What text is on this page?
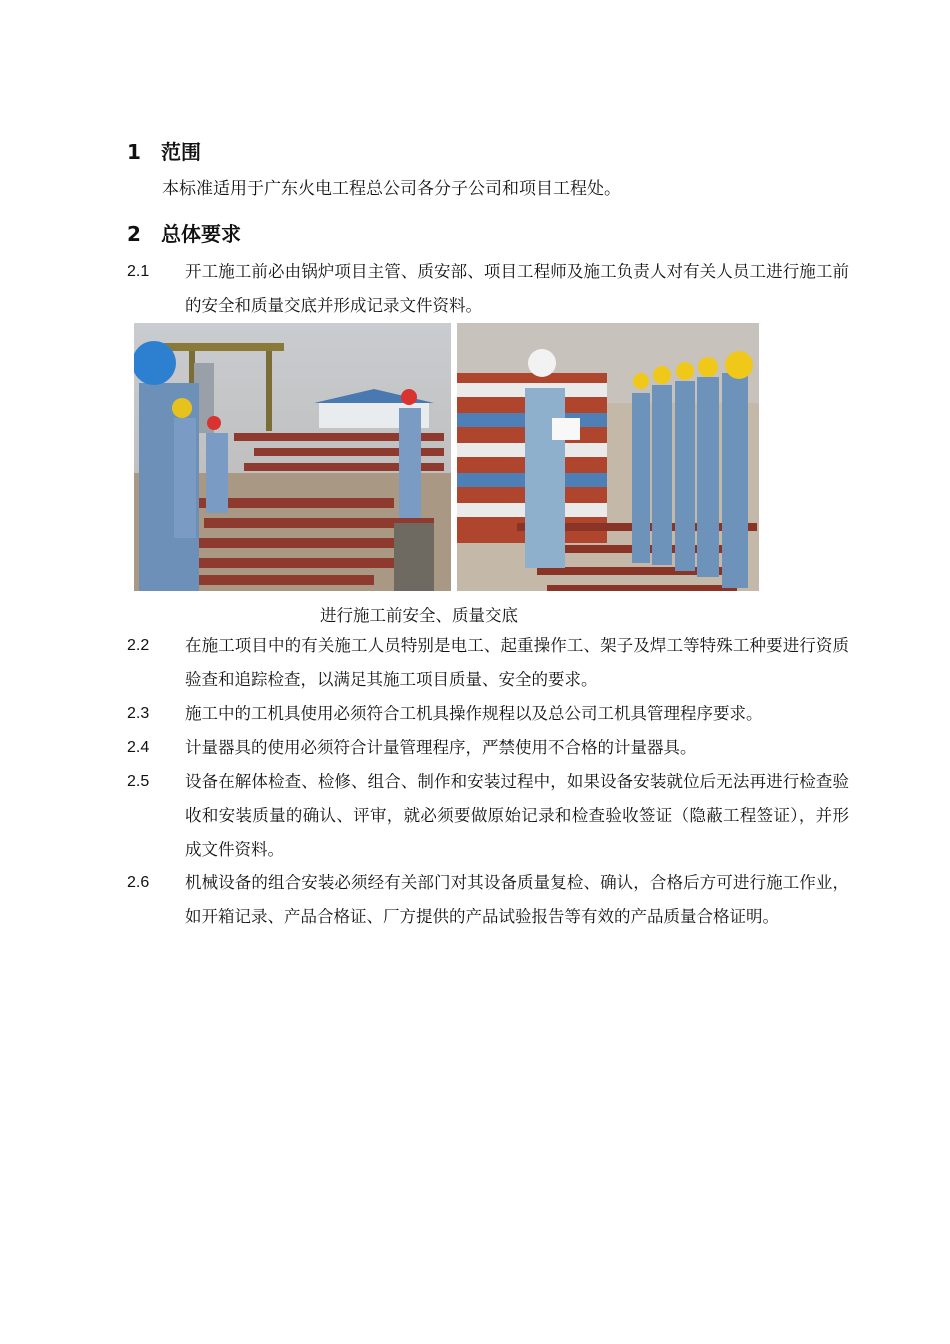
1 范围
本标准适用于广东火电工程总公司各分子公司和项目工程处。
2 总体要求
2.1 开工施工前必由锅炉项目主管、质安部、项目工程师及施工负责人对有关人员工进行施工前的安全和质量交底并形成记录文件资料。
进行施工前安全、质量交底
2.2 在施工项目中的有关施工人员特别是电工、起重操作工、架子及焊工等特殊工种要进行资质验查和追踪检查，以满足其施工项目质量、安全的要求。
2.3 施工中的工机具使用必须符合工机具操作规程以及总公司工机具管理程序要求。
2.4 计量器具的使用必须符合计量管理程序，严禁使用不合格的计量器具。
2.5 设备在解体检查、检修、组合、制作和安装过程中，如果设备安装就位后无法再进行检查验收和安装质量的确认、评审，就必须要做原始记录和检查验收签证（隐蔽工程签证），并形成文件资料。
2.6 机械设备的组合安装必须经有关部门对其设备质量复检、确认，合格后方可进行施工作业，如开箱记录、产品合格证、厂方提供的产品试验报告等有效的产品质量合格证明。
